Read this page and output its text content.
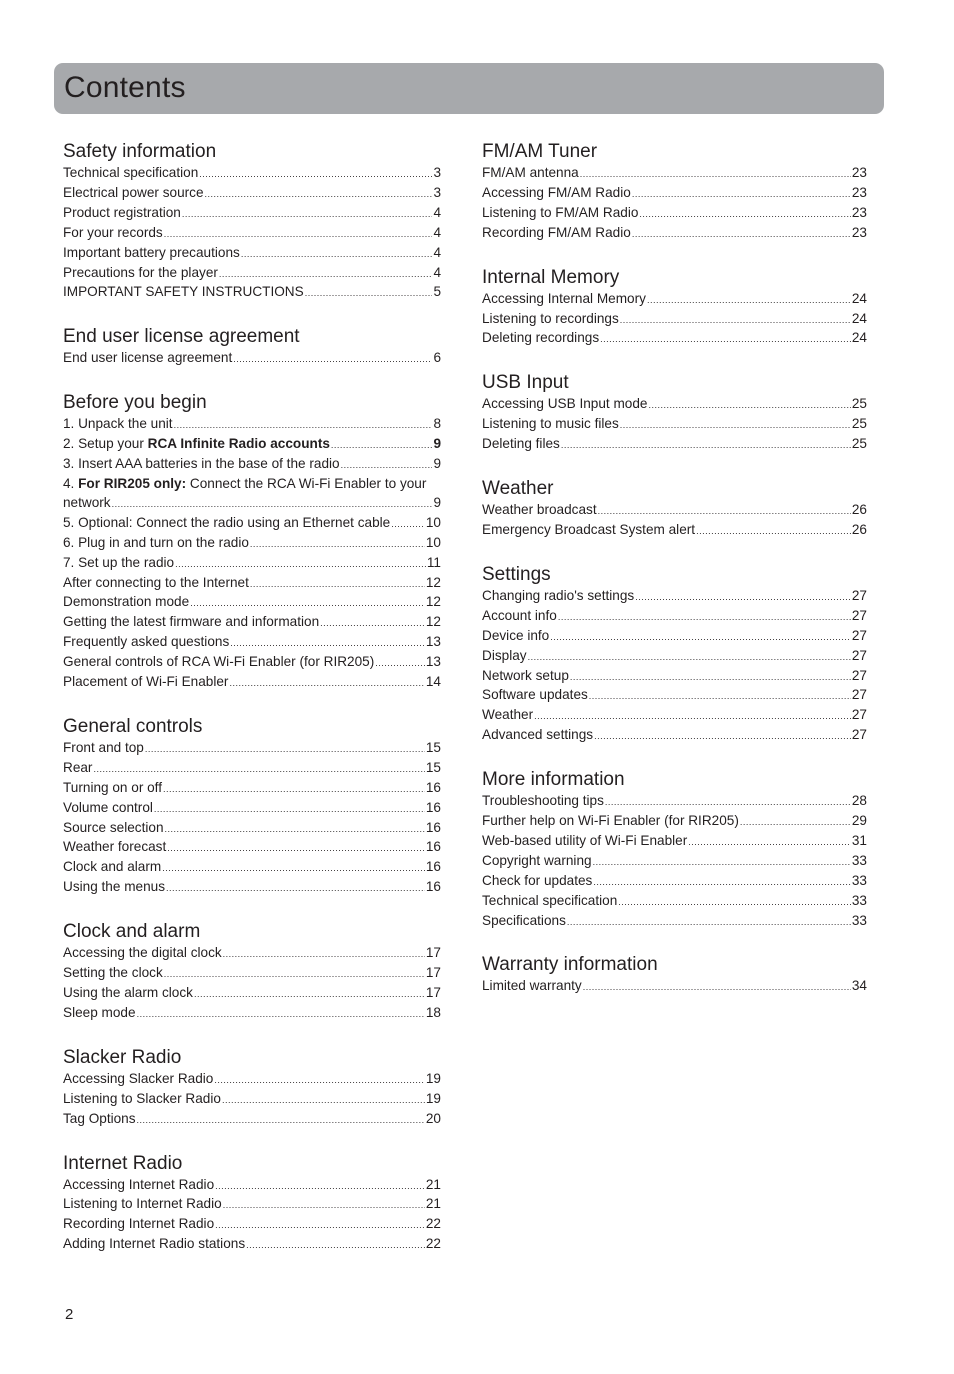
Contents
Safety information
Technical specification .....	3
Electrical power source .....	3
Product registration .....	4
For your records .....	4
Important battery precautions .....	4
Precautions for the player .....	4
IMPORTANT SAFETY INSTRUCTIONS .....	5
End user license agreement
End user license agreement .....	6
Before you begin
1. Unpack the unit .....	8
2. Setup your RCA Infinite Radio accounts .....	9
3. Insert AAA batteries in the base of the radio .....	9
4. For RIR205 only: Connect the RCA Wi-Fi Enabler to your
network .....	9
5. Optional: Connect the radio using an Ethernet cable .....	10
6. Plug in and turn on the radio .....	10
7. Set up the radio .....	11
After connecting to the Internet .....	12
Demonstration mode .....	12
Getting the latest firmware and information .....	12
Frequently asked questions .....	13
General controls of RCA Wi-Fi Enabler (for RIR205) .....	13
Placement of Wi-Fi Enabler .....	14
General controls
Front and top .....	15
Rear .....	15
Turning on or off .....	16
Volume control .....	16
Source selection .....	16
Weather forecast .....	16
Clock and alarm .....	16
Using the menus .....	16
Clock and alarm
Accessing the digital clock .....	17
Setting the clock .....	17
Using the alarm clock .....	17
Sleep mode .....	18
Slacker Radio
Accessing Slacker Radio .....	19
Listening to Slacker Radio .....	19
Tag Options .....	20
Internet Radio
Accessing Internet Radio .....	21
Listening to Internet Radio .....	21
Recording Internet Radio .....	22
Adding Internet Radio stations .....	22
FM/AM Tuner
FM/AM antenna .....	23
Accessing FM/AM Radio .....	23
Listening to FM/AM Radio .....	23
Recording FM/AM Radio .....	23
Internal Memory
Accessing Internal Memory .....	24
Listening to recordings .....	24
Deleting recordings .....	24
USB Input
Accessing USB Input mode .....	25
Listening to music files .....	25
Deleting files .....	25
Weather
Weather broadcast .....	26
Emergency Broadcast System alert .....	26
Settings
Changing radio's settings .....	27
Account info .....	27
Device info .....	27
Display .....	27
Network setup .....	27
Software updates .....	27
Weather .....	27
Advanced settings .....	27
More information
Troubleshooting tips .....	28
Further help on Wi-Fi Enabler (for RIR205) .....	29
Web-based utility of Wi-Fi Enabler .....	31
Copyright warning .....	33
Check for updates .....	33
Technical specification .....	33
Specifications .....	33
Warranty information
Limited warranty .....	34
2
